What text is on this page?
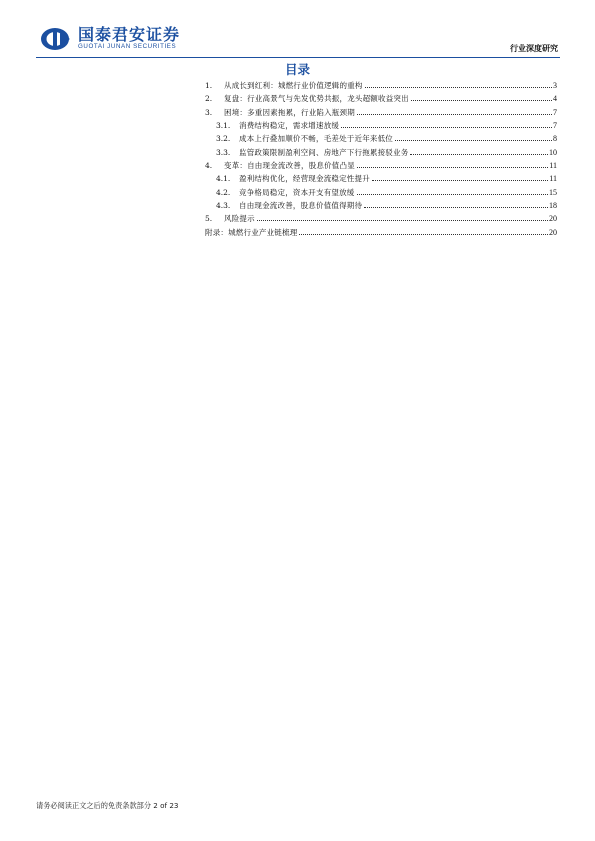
国泰君安证券
GUOTAI JUNAN SECURITIES	行业深度研究
目录
1.	从成长到红利：城燃行业价值逻辑的重构	3
2.	复盘：行业高景气与先发优势共振，龙头超额收益突出	4
3.	困境：多重因素拖累，行业陷入瓶颈期	7
3.1.	消费结构稳定，需求增速放缓	7
3.2.	成本上行叠加顺价不畅，毛差处于近年来低位	8
3.3.	监管政策限制盈利空间、房地产下行拖累接驳业务	10
4.	变革：自由现金流改善，股息价值凸显	11
4.1.	盈利结构优化，经营现金流稳定性提升	11
4.2.	竞争格局稳定，资本开支有望放缓	15
4.3.	自由现金流改善，股息价值值得期待	18
5.	风险提示	20
附录：城燃行业产业链梳理	20
请务必阅读正文之后的免责条款部分 2 of 23
